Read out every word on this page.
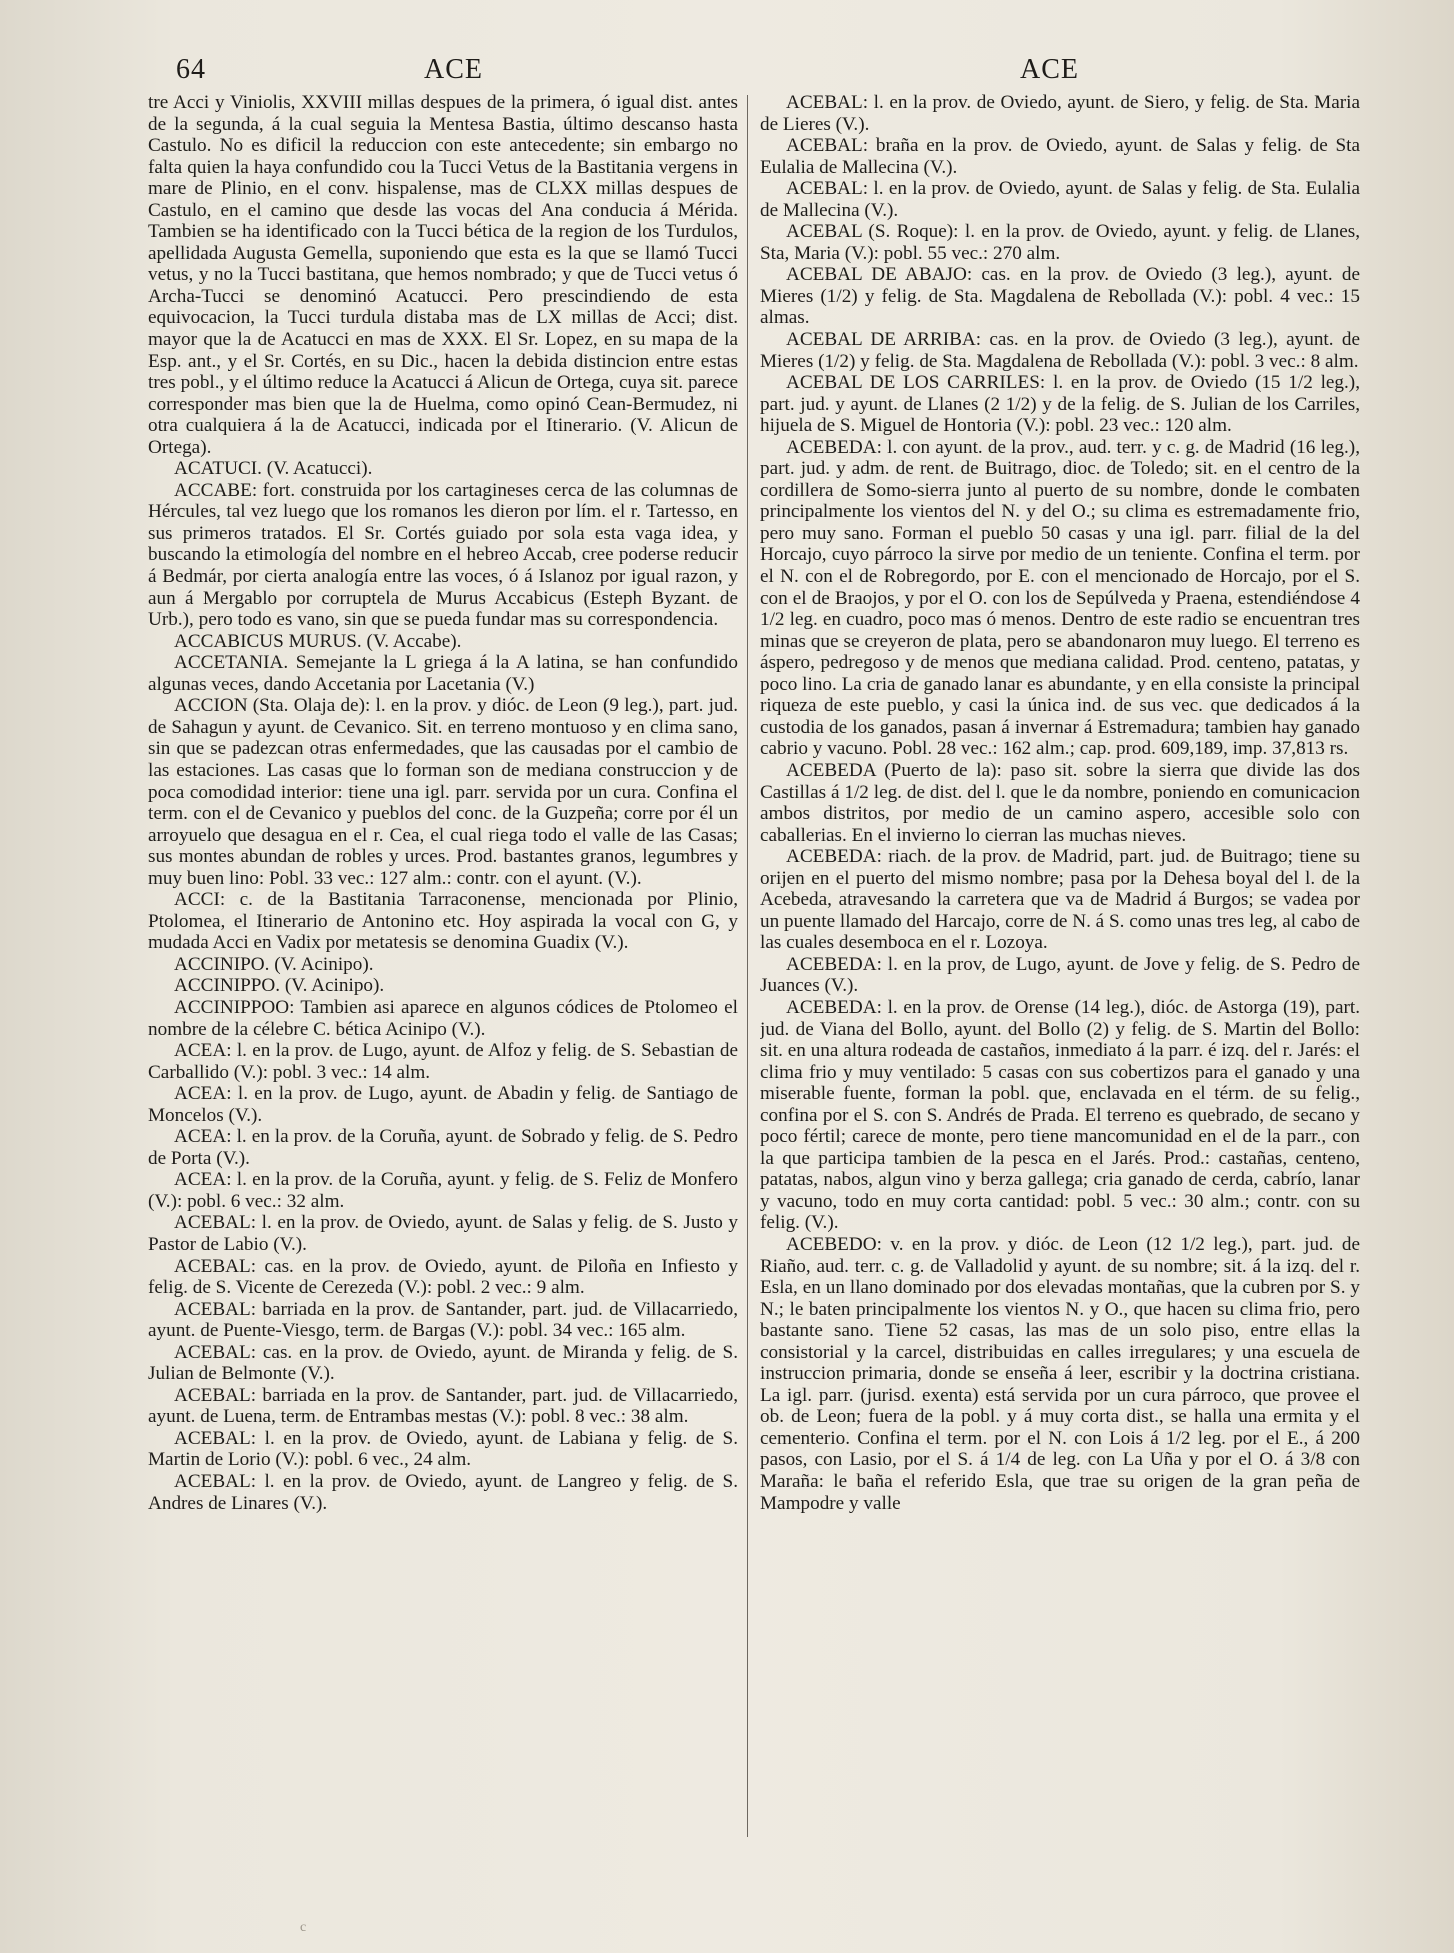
64	ACE	ACE

tre Acci y Viniolis, XXVIII millas despues de la primera, ó igual dist. antes de la segunda, á la cual seguia la Mentesa Bastia, último descanso hasta Castulo. No es dificil la reduccion con este antecedente; sin embargo no falta quien la haya confundido cou la Tucci Vetus de la Bastitania vergens in mare de Plinio, en el conv. hispalense, mas de CLXX millas despues de Castulo, en el camino que desde las vocas del Ana conducia á Mérida. Tambien se ha identificado con la Tucci bética de la region de los Turdulos, apellidada Augusta Gemella, suponiendo que esta es la que se llamó Tucci vetus, y no la Tucci bastitana, que hemos nombrado; y que de Tucci vetus ó Archa-Tucci se denominó Acatucci. Pero prescindiendo de esta equivocacion, la Tucci turdula distaba mas de LX millas de Acci; dist. mayor que la de Acatucci en mas de XXX. El Sr. Lopez, en su mapa de la Esp. ant., y el Sr. Cortés, en su Dic., hacen la debida distincion entre estas tres pobl., y el último reduce la Acatucci á Alicun de Ortega, cuya sit. parece corresponder mas bien que la de Huelma, como opinó Cean-Bermudez, ni otra cualquiera á la de Acatucci, indicada por el Itinerario. (V. Alicun de Ortega).

ACATUCI. (V. Acatucci).

ACCABE: fort. construida por los cartagineses cerca de las columnas de Hércules, tal vez luego que los romanos les dieron por lím. el r. Tartesso, en sus primeros tratados. El Sr. Cortés guiado por sola esta vaga idea, y buscando la etimología del nombre en el hebreo Accab, cree poderse reducir á Bedmár, por cierta analogía entre las voces, ó á Islanoz por igual razon, y aun á Mergablo por corruptela de Murus Accabicus (Esteph Byzant. de Urb.), pero todo es vano, sin que se pueda fundar mas su correspondencia.

ACCABICUS MURUS. (V. Accabe).

ACCETANIA. Semejante la L griega á la A latina, se han confundido algunas veces, dando Accetania por Lacetania (V.)

ACCION (Sta. Olaja de): l. en la prov. y dióc. de Leon (9 leg.), part. jud. de Sahagun y ayunt. de Cevanico. Sit. en terreno montuoso y en clima sano, sin que se padezcan otras enfermedades, que las causadas por el cambio de las estaciones. Las casas que lo forman son de mediana construccion y de poca comodidad interior: tiene una igl. parr. servida por un cura. Confina el term. con el de Cevanico y pueblos del conc. de la Guzpeña; corre por él un arroyuelo que desagua en el r. Cea, el cual riega todo el valle de las Casas; sus montes abundan de robles y urces. Prod. bastantes granos, legumbres y muy buen lino: Pobl. 33 vec.: 127 alm.: contr. con el ayunt. (V.).

ACCI: c. de la Bastitania Tarraconense, mencionada por Plinio, Ptolomea, el Itinerario de Antonino etc. Hoy aspirada la vocal con G, y mudada Acci en Vadix por metatesis se denomina Guadix (V.).

ACCINIPO. (V. Acinipo).

ACCINIPPO. (V. Acinipo).

ACCINIPPOO: Tambien asi aparece en algunos códices de Ptolomeo el nombre de la célebre C. bética Acinipo (V.).

ACEA: l. en la prov. de Lugo, ayunt. de Alfoz y felig. de S. Sebastian de Carballido (V.): pobl. 3 vec.: 14 alm.

ACEA: l. en la prov. de Lugo, ayunt. de Abadin y felig. de Santiago de Moncelos (V.).

ACEA: l. en la prov. de la Coruña, ayunt. de Sobrado y felig. de S. Pedro de Porta (V.).

ACEA: l. en la prov. de la Coruña, ayunt. y felig. de S. Feliz de Monfero (V.): pobl. 6 vec.: 32 alm.

ACEBAL: l. en la prov. de Oviedo, ayunt. de Salas y felig. de S. Justo y Pastor de Labio (V.).

ACEBAL: cas. en la prov. de Oviedo, ayunt. de Piloña en Infiesto y felig. de S. Vicente de Cerezeda (V.): pobl. 2 vec.: 9 alm.

ACEBAL: barriada en la prov. de Santander, part. jud. de Villacarriedo, ayunt. de Puente-Viesgo, term. de Bargas (V.): pobl. 34 vec.: 165 alm.

ACEBAL: cas. en la prov. de Oviedo, ayunt. de Miranda y felig. de S. Julian de Belmonte (V.).

ACEBAL: barriada en la prov. de Santander, part. jud. de Villacarriedo, ayunt. de Luena, term. de Entrambas mestas (V.): pobl. 8 vec.: 38 alm.

ACEBAL: l. en la prov. de Oviedo, ayunt. de Labiana y felig. de S. Martin de Lorio (V.): pobl. 6 vec., 24 alm.

ACEBAL: l. en la prov. de Oviedo, ayunt. de Langreo y felig. de S. Andres de Linares (V.).

ACEBAL: l. en la prov. de Oviedo, ayunt. de Siero, y felig. de Sta. Maria de Lieres (V.).

ACEBAL: braña en la prov. de Oviedo, ayunt. de Salas y felig. de Sta Eulalia de Mallecina (V.).

ACEBAL: l. en la prov. de Oviedo, ayunt. de Salas y felig. de Sta. Eulalia de Mallecina (V.).

ACEBAL (S. Roque): l. en la prov. de Oviedo, ayunt. y felig. de Llanes, Sta, Maria (V.): pobl. 55 vec.: 270 alm.

ACEBAL DE ABAJO: cas. en la prov. de Oviedo (3 leg.), ayunt. de Mieres (1/2) y felig. de Sta. Magdalena de Rebollada (V.): pobl. 4 vec.: 15 almas.

ACEBAL DE ARRIBA: cas. en la prov. de Oviedo (3 leg.), ayunt. de Mieres (1/2) y felig. de Sta. Magdalena de Rebollada (V.): pobl. 3 vec.: 8 alm.

ACEBAL DE LOS CARRILES: l. en la prov. de Oviedo (15 1/2 leg.), part. jud. y ayunt. de Llanes (2 1/2) y de la felig. de S. Julian de los Carriles, hijuela de S. Miguel de Hontoria (V.): pobl. 23 vec.: 120 alm.

ACEBEDA: l. con ayunt. de la prov., aud. terr. y c. g. de Madrid (16 leg.), part. jud. y adm. de rent. de Buitrago, dioc. de Toledo; sit. en el centro de la cordillera de Somo-sierra junto al puerto de su nombre, donde le combaten principalmente los vientos del N. y del O.; su clima es estremadamente frio, pero muy sano. Forman el pueblo 50 casas y una igl. parr. filial de la del Horcajo, cuyo párroco la sirve por medio de un teniente. Confina el term. por el N. con el de Robregordo, por E. con el mencionado de Horcajo, por el S. con el de Braojos, y por el O. con los de Sepúlveda y Praena, estendiéndose 4 1/2 leg. en cuadro, poco mas ó menos. Dentro de este radio se encuentran tres minas que se creyeron de plata, pero se abandonaron muy luego. El terreno es áspero, pedregoso y de menos que mediana calidad. Prod. centeno, patatas, y poco lino. La cria de ganado lanar es abundante, y en ella consiste la principal riqueza de este pueblo, y casi la única ind. de sus vec. que dedicados á la custodia de los ganados, pasan á invernar á Estremadura; tambien hay ganado cabrio y vacuno. Pobl. 28 vec.: 162 alm.; cap. prod. 609,189, imp. 37,813 rs.

ACEBEDA (Puerto de la): paso sit. sobre la sierra que divide las dos Castillas á 1/2 leg. de dist. del l. que le da nombre, poniendo en comunicacion ambos distritos, por medio de un camino aspero, accesible solo con caballerias. En el invierno lo cierran las muchas nieves.

ACEBEDA: riach. de la prov. de Madrid, part. jud. de Buitrago; tiene su orijen en el puerto del mismo nombre; pasa por la Dehesa boyal del l. de la Acebeda, atravesando la carretera que va de Madrid á Burgos; se vadea por un puente llamado del Harcajo, corre de N. á S. como unas tres leg, al cabo de las cuales desemboca en el r. Lozoya.

ACEBEDA: l. en la prov, de Lugo, ayunt. de Jove y felig. de S. Pedro de Juances (V.).

ACEBEDA: l. en la prov. de Orense (14 leg.), dióc. de Astorga (19), part. jud. de Viana del Bollo, ayunt. del Bollo (2) y felig. de S. Martin del Bollo: sit. en una altura rodeada de castaños, inmediato á la parr. é izq. del r. Jarés: el clima frio y muy ventilado: 5 casas con sus cobertizos para el ganado y una miserable fuente, forman la pobl. que, enclavada en el térm. de su felig., confina por el S. con S. Andrés de Prada. El terreno es quebrado, de secano y poco fértil; carece de monte, pero tiene mancomunidad en el de la parr., con la que participa tambien de la pesca en el Jarés. Prod.: castañas, centeno, patatas, nabos, algun vino y berza gallega; cria ganado de cerda, cabrío, lanar y vacuno, todo en muy corta cantidad: pobl. 5 vec.: 30 alm.; contr. con su felig. (V.).

ACEBEDO: v. en la prov. y dióc. de Leon (12 1/2 leg.), part. jud. de Riaño, aud. terr. c. g. de Valladolid y ayunt. de su nombre; sit. á la izq. del r. Esla, en un llano dominado por dos elevadas montañas, que la cubren por S. y N.; le baten principalmente los vientos N. y O., que hacen su clima frio, pero bastante sano. Tiene 52 casas, las mas de un solo piso, entre ellas la consistorial y la carcel, distribuidas en calles irregulares; y una escuela de instruccion primaria, donde se enseña á leer, escribir y la doctrina cristiana. La igl. parr. (jurisd. exenta) está servida por un cura párroco, que provee el ob. de Leon; fuera de la pobl. y á muy corta dist., se halla una ermita y el cementerio. Confina el term. por el N. con Lois á 1/2 leg. por el E., á 200 pasos, con Lasio, por el S. á 1/4 de leg. con La Uña y por el O. á 3/8 con Maraña: le baña el referido Esla, que trae su origen de la gran peña de Mampodre y valle

c
